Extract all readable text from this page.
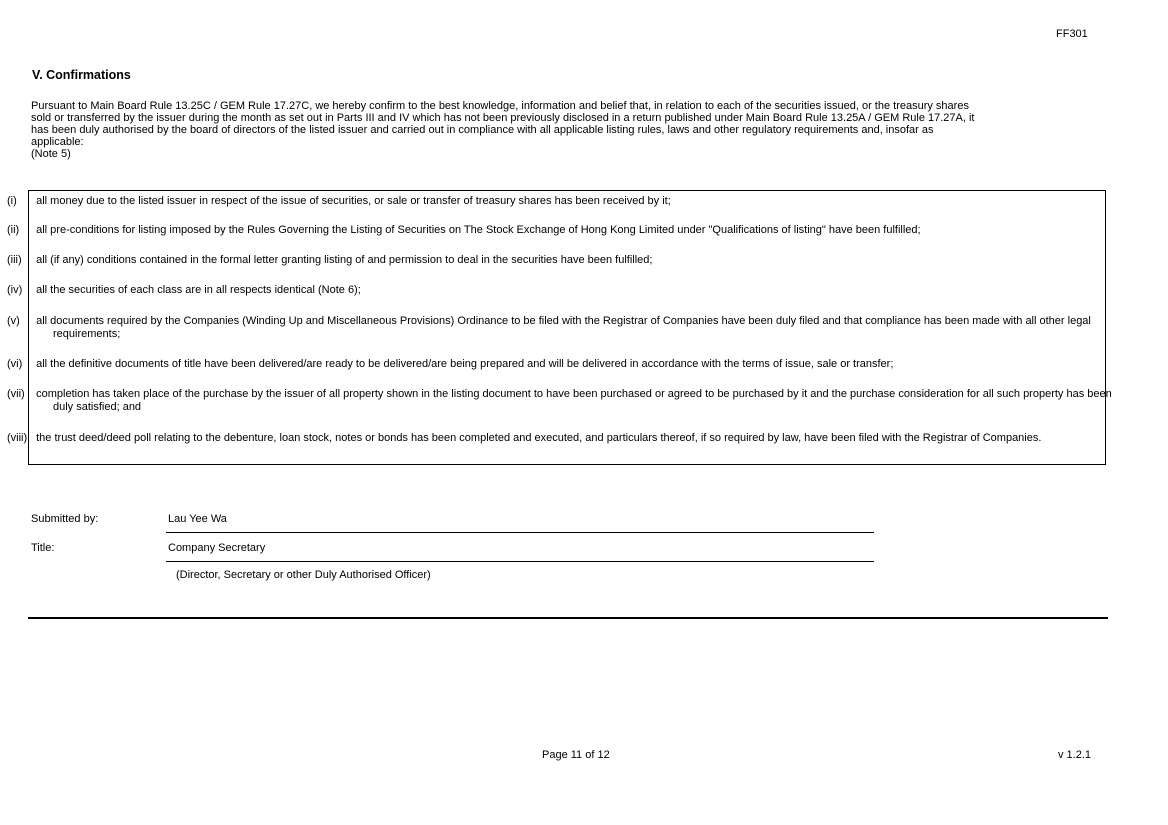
FF301
V. Confirmations

Pursuant to Main Board Rule 13.25C / GEM Rule 17.27C, we hereby confirm to the best knowledge, information and belief that, in relation to each of the securities issued, or the treasury shares

sold or transferred by the issuer during the month as set out in Parts III and IV which has not been previously disclosed in a return published under Main Board Rule 13.25A / GEM Rule 17.27A, it

has been duly authorised by the board of directors of the listed issuer and carried out in compliance with all applicable listing rules, laws and other regulatory requirements and, insofar as

applicable:

(Note 5)

(i) all money due to the listed issuer in respect of the issue of securities, or sale or transfer of treasury shares has been received by it;
(ii) all pre-conditions for listing imposed by the Rules Governing the Listing of Securities on The Stock Exchange of Hong Kong Limited under "Qualifications of listing" have been fulfilled;
(iii) all (if any) conditions contained in the formal letter granting listing of and permission to deal in the securities have been fulfilled;
(iv) all the securities of each class are in all respects identical (Note 6);
(v) all documents required by the Companies (Winding Up and Miscellaneous Provisions) Ordinance to be filed with the Registrar of Companies have been duly filed and that compliance has been made with all other legal requirements;
(vi) all the definitive documents of title have been delivered/are ready to be delivered/are being prepared and will be delivered in accordance with the terms of issue, sale or transfer;
(vii) completion has taken place of the purchase by the issuer of all property shown in the listing document to have been purchased or agreed to be purchased by it and the purchase consideration for all such property has been duly satisfied; and
(viii) the trust deed/deed poll relating to the debenture, loan stock, notes or bonds has been completed and executed, and particulars thereof, if so required by law, have been filed with the Registrar of Companies.
Submitted by:	Lau Yee Wa
Title:	Company Secretary
(Director, Secretary or other Duly Authorised Officer)
Page 11 of 12	v 1.2.1
